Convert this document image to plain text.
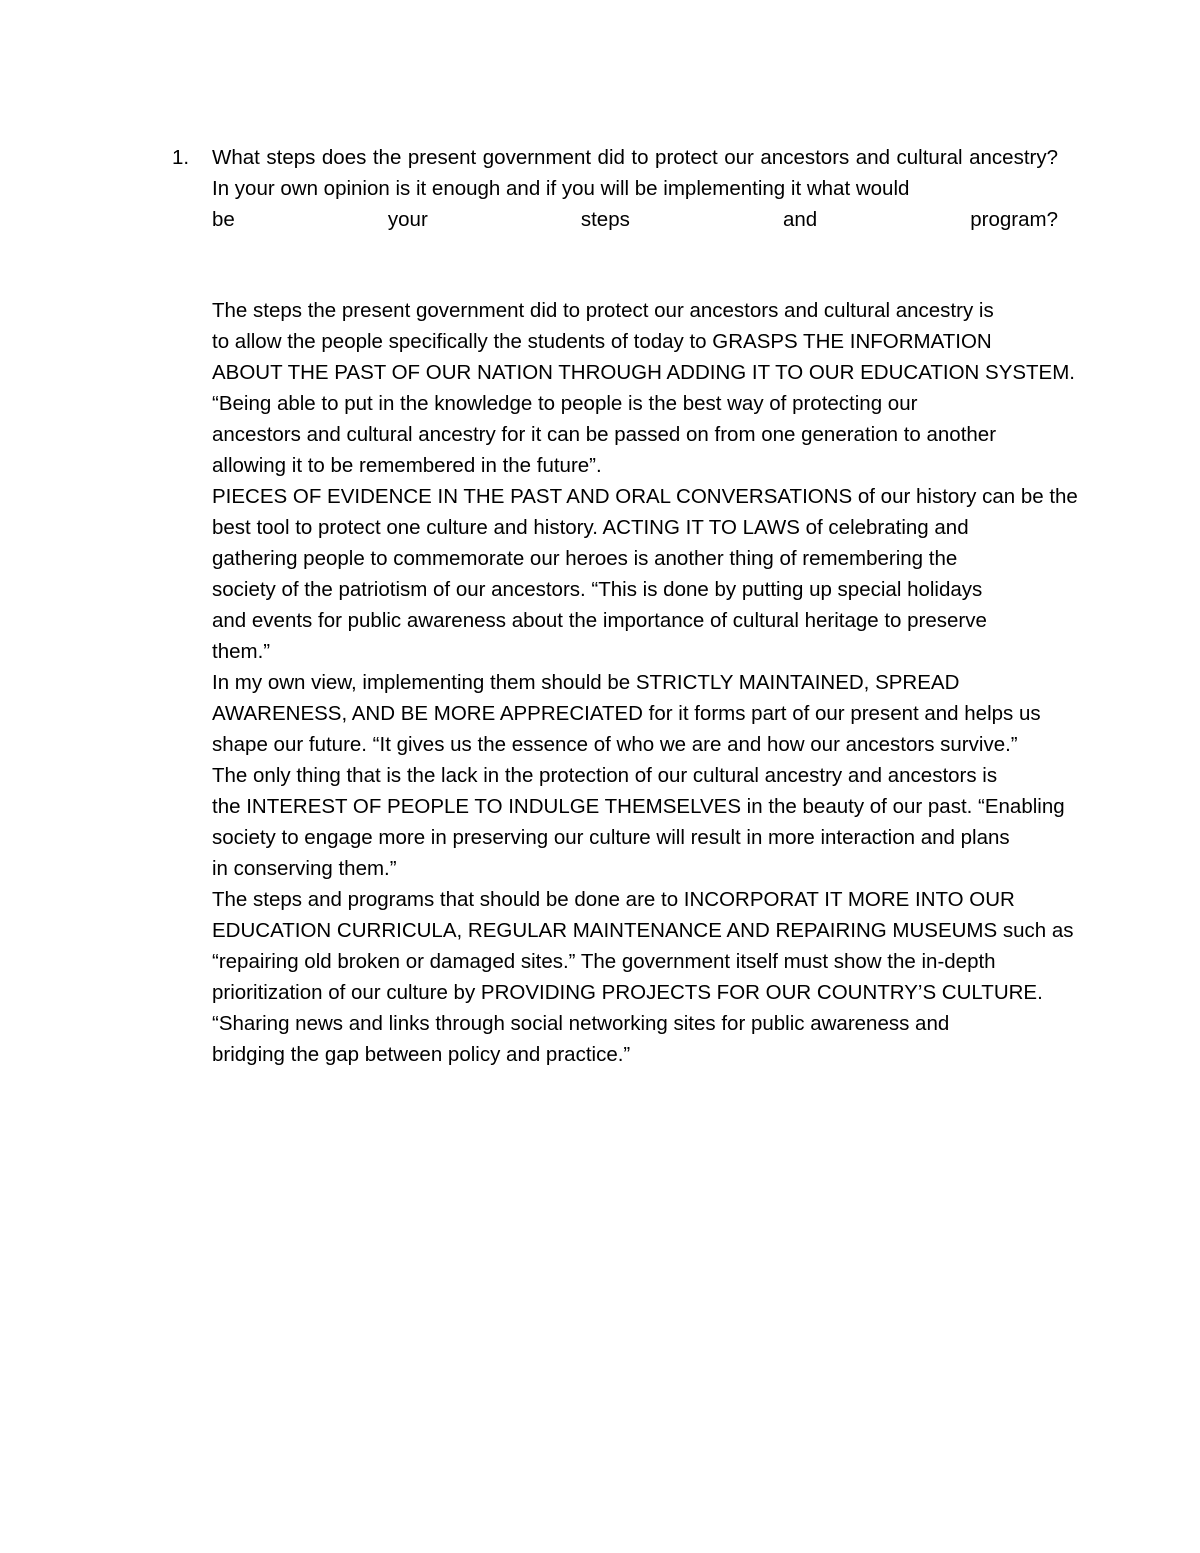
1.	What steps does the present government did to protect our ancestors and cultural ancestry? In your own opinion is it enough and if you will be implementing it what would
be	your	steps	and	program?
The steps the present government did to protect our ancestors and cultural ancestry is
to allow the people specifically the students of today to GRASPS THE INFORMATION
ABOUT THE PAST OF OUR NATION THROUGH ADDING IT TO OUR EDUCATION SYSTEM.
“Being able to put in the knowledge to people is the best way of protecting our
ancestors and cultural ancestry for it can be passed on from one generation to another
allowing it to be remembered in the future”.
PIECES OF EVIDENCE IN THE PAST AND ORAL CONVERSATIONS of our history can be the
best tool to protect one culture and history. ACTING IT TO LAWS of celebrating and
gathering people to commemorate our heroes is another thing of remembering the
society of the patriotism of our ancestors. “This is done by putting up special holidays
and events for public awareness about the importance of cultural heritage to preserve
them.”
In my own view, implementing them should be STRICTLY MAINTAINED, SPREAD
AWARENESS, AND BE MORE APPRECIATED for it forms part of our present and helps us
shape our future. “It gives us the essence of who we are and how our ancestors survive.”
The only thing that is the lack in the protection of our cultural ancestry and ancestors is
the INTEREST OF PEOPLE TO INDULGE THEMSELVES in the beauty of our past. “Enabling
society to engage more in preserving our culture will result in more interaction and plans
in conserving them.”
The steps and programs that should be done are to INCORPORAT IT MORE INTO OUR
EDUCATION CURRICULA, REGULAR MAINTENANCE AND REPAIRING MUSEUMS such as
“repairing old broken or damaged sites.” The government itself must show the in-depth
prioritization of our culture by PROVIDING PROJECTS FOR OUR COUNTRY’S CULTURE.
“Sharing news and links through social networking sites for public awareness and
bridging the gap between policy and practice.”
